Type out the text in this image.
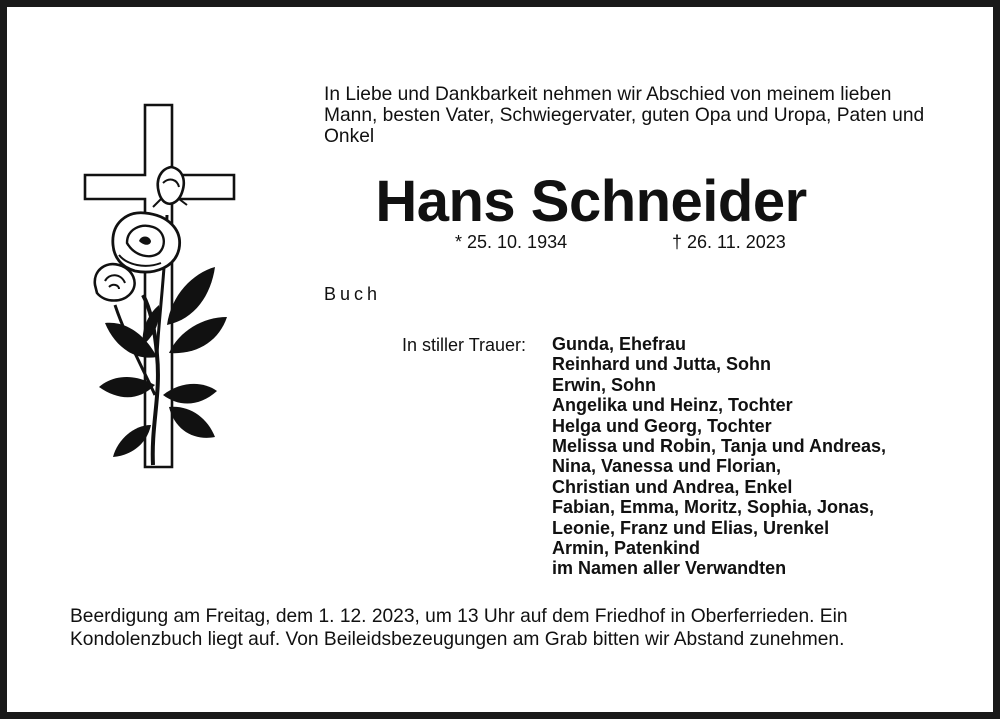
In Liebe und Dankbarkeit nehmen wir Abschied von meinem lieben Mann, besten Vater, Schwiegervater, guten Opa und Uropa, Paten und Onkel
Hans Schneider
* 25. 10. 1934	† 26. 11. 2023
Buch
In stiller Trauer: Gunda, Ehefrau
Reinhard und Jutta, Sohn
Erwin, Sohn
Angelika und Heinz, Tochter
Helga und Georg, Tochter
Melissa und Robin, Tanja und Andreas,
Nina, Vanessa und Florian,
Christian und Andrea, Enkel
Fabian, Emma, Moritz, Sophia, Jonas,
Leonie, Franz und Elias, Urenkel
Armin, Patenkind
im Namen aller Verwandten
Beerdigung am Freitag, dem 1. 12. 2023, um 13 Uhr auf dem Friedhof in Oberferrieden. Ein Kondolenzbuch liegt auf. Von Beileidsbezeugungen am Grab bitten wir Abstand zunehmen.
